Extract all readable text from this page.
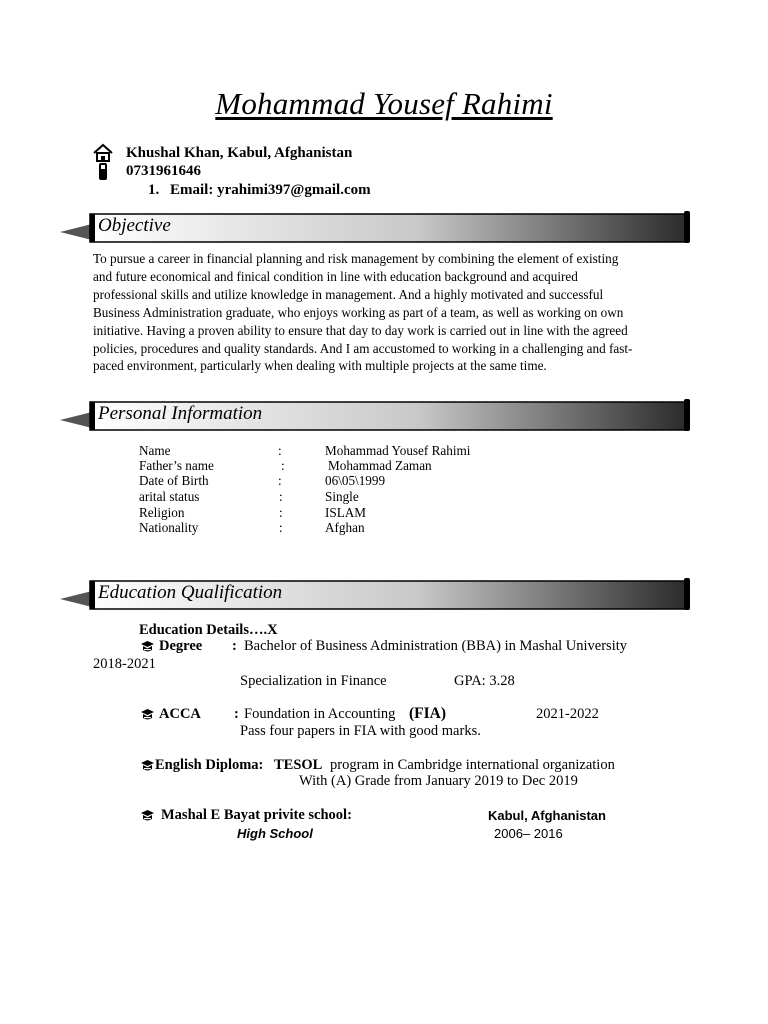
Mohammad Yousef Rahimi
Khushal Khan, Kabul, Afghanistan
0731961646
1. Email: yrahimi397@gmail.com
Objective
To pursue a career in financial planning and risk management by combining the element of existing
and future economical and finical condition in line with education background and acquired
professional skills and utilize knowledge in management. And a highly motivated and successful
Business Administration graduate, who enjoys working as part of a team, as well as working on own
initiative. Having a proven ability to ensure that day to day work is carried out in line with the agreed
policies, procedures and quality standards. And I am accustomed to working in a challenging and fast-
paced environment, particularly when dealing with multiple projects at the same time.
Personal Information
Name	:	Mohammad Yousef Rahimi
Father’s name	:	Mohammad Zaman
Date of Birth	:	06\05\1999
arital status	:	Single
Religion	:	ISLAM
Nationality	:	Afghan
Education Qualification
Education Details….X
Degree : Bachelor of Business Administration (BBA) in Mashal University
2018-2021
Specialization in Finance	GPA: 3.28
ACCA : Foundation in Accounting (FIA)	2021-2022
Pass four papers in FIA with good marks.
English Diploma: TESOL program in Cambridge international organization
With (A) Grade from January 2019 to Dec 2019
Mashal E Bayat privite school:	Kabul, Afghanistan
High School	2006– 2016
